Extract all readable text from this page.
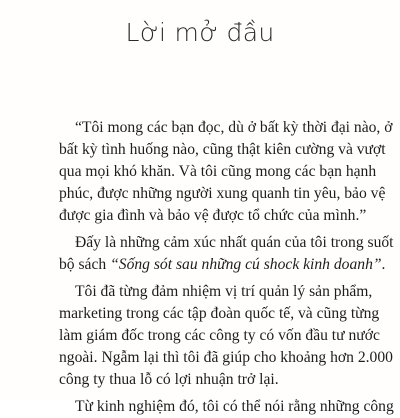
Lời mở đầu
“Tôi mong các bạn đọc, dù ở bất kỳ thời đại nào, ở
bất kỳ tình huống nào, cũng thật kiên cường và vượt
qua mọi khó khăn. Và tôi cũng mong các bạn hạnh
phúc, được những người xung quanh tin yêu, bảo vệ
được gia đình và bảo vệ được tổ chức của mình.”
Đấy là những cảm xúc nhất quán của tôi trong suốt
bộ sách “Sống sót sau những cú shock kinh doanh”.
Tôi đã từng đảm nhiệm vị trí quản lý sản phẩm,
marketing trong các tập đoàn quốc tế, và cũng từng
làm giám đốc trong các công ty có vốn đầu tư nước
ngoài. Ngẫm lại thì tôi đã giúp cho khoảng hơn 2.000
công ty thua lỗ có lợi nhuận trở lại.
Từ kinh nghiệm đó, tôi có thể nói rằng những công
